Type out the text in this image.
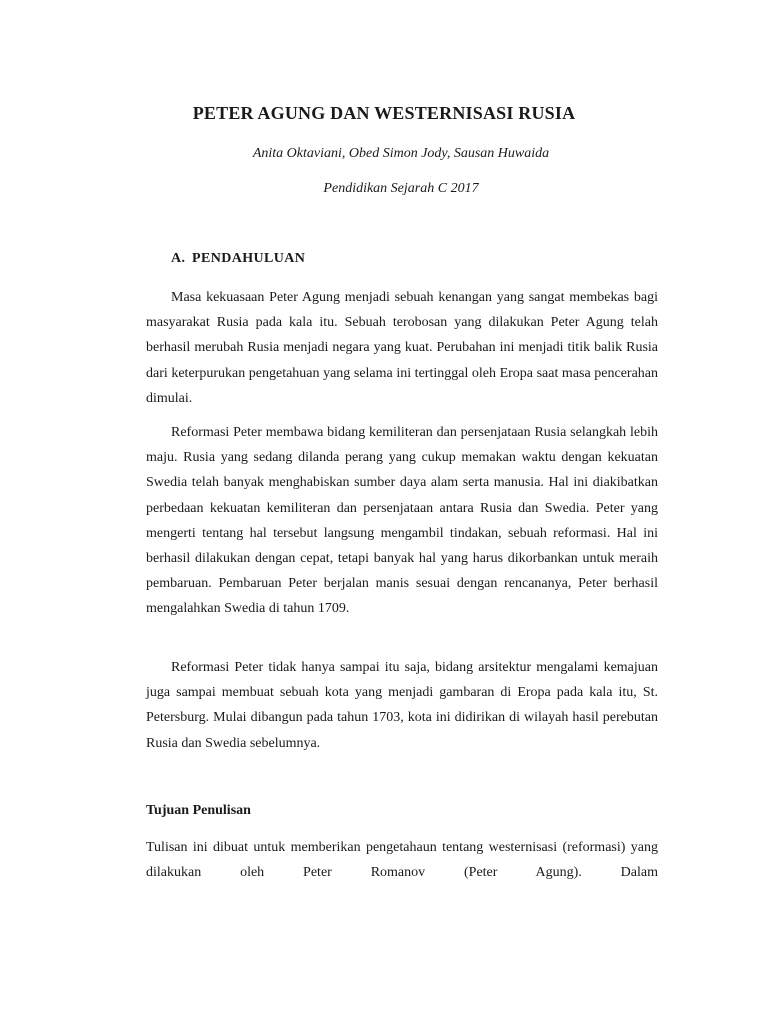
PETER AGUNG DAN WESTERNISASI RUSIA

Anita Oktaviani, Obed Simon Jody, Sausan Huwaida

Pendidikan Sejarah C 2017

A. PENDAHULUAN

Masa kekuasaan Peter Agung menjadi sebuah kenangan yang sangat membekas bagi masyarakat Rusia pada kala itu. Sebuah terobosan yang dilakukan Peter Agung telah berhasil merubah Rusia menjadi negara yang kuat. Perubahan ini menjadi titik balik Rusia dari keterpurukan pengetahuan yang selama ini tertinggal oleh Eropa saat masa pencerahan dimulai.

Reformasi Peter membawa bidang kemiliteran dan persenjataan Rusia selangkah lebih maju. Rusia yang sedang dilanda perang yang cukup memakan waktu dengan kekuatan Swedia telah banyak menghabiskan sumber daya alam serta manusia. Hal ini diakibatkan perbedaan kekuatan kemiliteran dan persenjataan antara Rusia dan Swedia. Peter yang mengerti tentang hal tersebut langsung mengambil tindakan, sebuah reformasi. Hal ini berhasil dilakukan dengan cepat, tetapi banyak hal yang harus dikorbankan untuk meraih pembaruan. Pembaruan Peter berjalan manis sesuai dengan rencananya, Peter berhasil mengalahkan Swedia di tahun 1709.

Reformasi Peter tidak hanya sampai itu saja, bidang arsitektur mengalami kemajuan juga sampai membuat sebuah kota yang menjadi gambaran di Eropa pada kala itu, St. Petersburg. Mulai dibangun pada tahun 1703, kota ini didirikan di wilayah hasil perebutan Rusia dan Swedia sebelumnya.

Tujuan Penulisan

Tulisan ini dibuat untuk memberikan pengetahaun tentang westernisasi (reformasi) yang dilakukan oleh Peter Romanov (Peter Agung). Dalam
